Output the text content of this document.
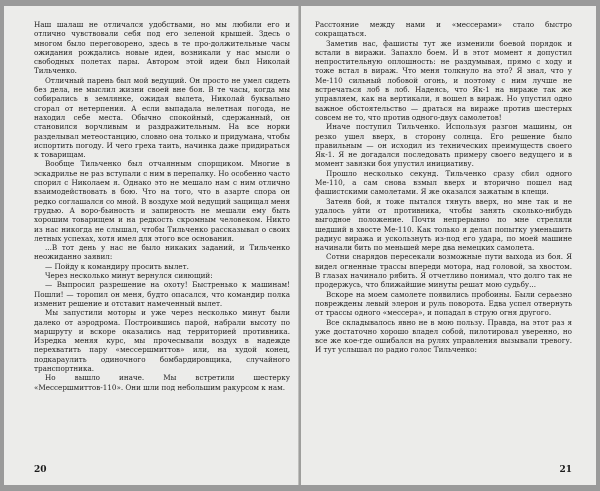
Наш шалаш не отличался удобствами, но мы любили его и отлично чувствовали себя под его зеленой крышей. Здесь о многом было переговорено, здесь в те про-должительные часы ожидания рождались новые идеи, возникали у нас мысли о свободных полетах пары. Автором этой идеи был Николай Тильченко.

Отличный парень был мой ведущий. Он просто не умел сидеть без дела, не мыслил жизни своей вне боя. В те часы, когда мы собирались в землянке, ожидая вылета, Николай буквально сгорал от нетерпения. А если выпадала нелетная погода, не находил себе места. Обычно спокойный, сдержанный, он становился ворчливым и раздражительным. На все норки разделывал метеостанцию, словно она только и придумана, чтобы испортить погоду. И чего греха таить, начинка даже придираться к товарищам.

Вообще Тильченко был отчаянным спорщиком. Многие в эскадрилье не раз вступали с ним в перепалку. Но особенно часто спорил с Николаем я. Однако это не мешало нам с ним отлично взаимодействовать в бою. Что на того, что в азарте спора он редко соглашался со мной. В воздухе мой ведущий защищал меня грудью. А воро-бьиность и запирность не мешали ему быть хорошим товарищем и на редкость скромным человеком. Никто из нас никогда не слышал, чтобы Тильченко рассказывал о своих летных успехах, хотя имел для этого все основания.

...В тот день у нас не было никаких заданий, и Тильченко неожиданно заявил:

— Пойду к командиру просить вылет.

Через несколько минут вернулся сияющий:

— Выпросил разрешение на охоту! Быстренько к машинам! Пошли! — торопил он меня, будто опасался, что командир полка изменит решение и отставит намеченный вылет.

Мы запустили моторы и уже через несколько минут были далеко от аэродрома. Построившись парой, набрали высоту по маршруту и вскоре оказались над территорией противника. Изредка меняя курс, мы прочесывали воздух в надежде перехватить пару «мессершмиттов» или, на худой конец, подкараулить одиночного бомбардировщика, случайного транспортника.

Но вышло иначе. Мы встретили шестерку «Мессершмиттов-110». Они шли под небольшим ракурсом к нам.

20

Расстояние между нами и «мессерами» стало быстро сокращаться.

Заметив нас, фашисты тут же изменили боевой порядок и встали в виражи. Запахло боем. И в этот момент я допустил непростительную оплошность: не раздумывая, прямо с ходу и тоже встал в вираж. Что меня толкнуло на это? Я знал, что у Ме-110 сильный лобовой огонь, и поэтому с ним лучше не встречаться лоб в лоб. Надеясь, что Як-1 на вираже так же управляем, как на вертикали, я вошел в вираж. Но упустил одно важное обстоятельство — драться на вираже против шестерых совсем не то, что против одного-двух самолетов!

Иначе поступил Тильченко. Используя разгон машины, он резко ушел вверх, в сторону солнца. Его решение было правильным — он исходил из технических преимуществ своего Як-1. Я не догадался последовать примеру своего ведущего и в момент завязки боя упустил инициативу.

Прошло несколько секунд. Тильченко сразу сбил одного Ме-110, а сам снова взмыл вверх и вторично пошел над фашистскими самолетами. Я же оказался зажатым в клещи.

Затеяв бой, я тоже пытался тянуть вверх, но мне так и не удалось уйти от противника, чтобы занять сколько-нибудь выгодное положение. Почти непрерывно по мне стреляли шедший в хвосте Ме-110. Как только я делал попытку уменьшить радиус виража и ускользнуть из-под его удара, по моей машине начинали бить по меньшей мере два немецких самолета.

Сотни снарядов пересекали возможные пути выхода из боя. Я видел огненные трассы впереди мотора, над головой, за хвостом. В глазах начинало рябить. Я отчетливо понимал, что долго так не продержусь, что ближайшие минуты решат мою судьбу...

Вскоре на моем самолете появились пробоины. Были серьезно повреждены левый элерон и руль поворота. Едва успел отвернуть от трассы одного «мессера», и попадал в струю огня другого.

Все складывалось явно не в мою пользу. Правда, на этот раз я уже достаточно хорошо владел собой, пилотировал уверенно, но все же кое-где ошибался на рулях управления вызывали тревогу. И тут услышал по радио голос Тильченко:

21
